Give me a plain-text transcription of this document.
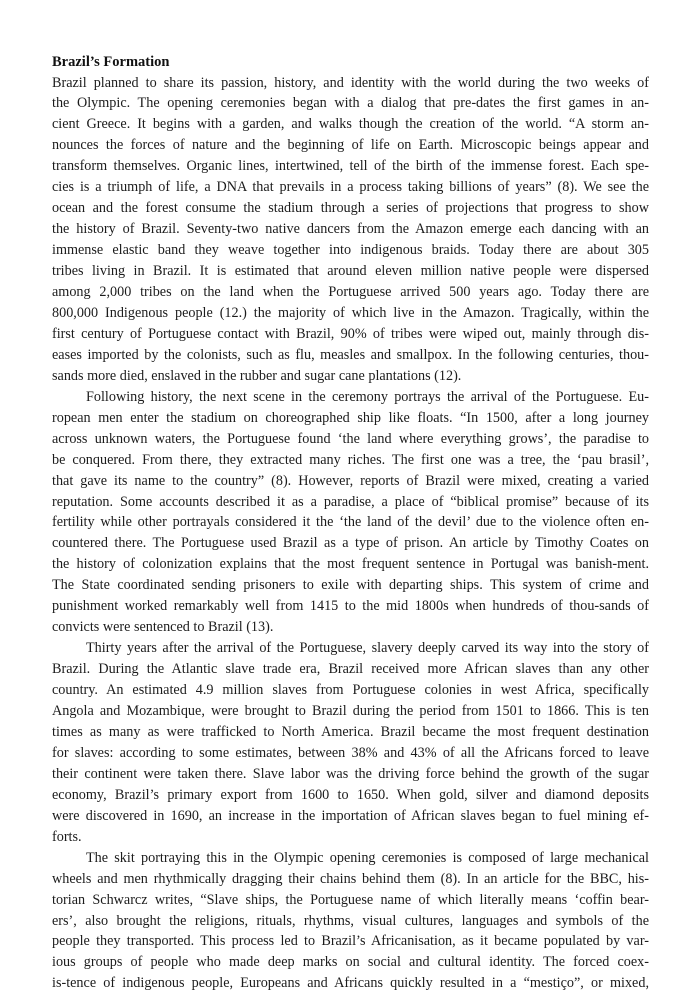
Brazil’s Formation
Brazil planned to share its passion, history, and identity with the world during the two weeks of
the Olympic. The opening ceremonies began with a dialog that pre-dates the first games in an-
cient Greece. It begins with a garden, and walks though the creation of the world. “A storm an-
nounces the forces of nature and the beginning of life on Earth. Microscopic beings appear and
transform themselves. Organic lines, intertwined, tell of the birth of the immense forest. Each spe-
cies is a triumph of life, a DNA that prevails in a process taking billions of years” (8). We see the
ocean and the forest consume the stadium through a series of projections that progress to show
the history of Brazil. Seventy-two native dancers from the Amazon emerge each dancing with an
immense elastic band they weave together into indigenous braids. Today there are about 305
tribes living in Brazil. It is estimated that around eleven million native people were dispersed
among 2,000 tribes on the land when the Portuguese arrived 500 years ago. Today there are
800,000 Indigenous people (12.) the majority of which live in the Amazon. Tragically, within the
first century of Portuguese contact with Brazil, 90% of tribes were wiped out, mainly through dis-
eases imported by the colonists, such as flu, measles and smallpox. In the following centuries, thou-
sands more died, enslaved in the rubber and sugar cane plantations (12).
Following history, the next scene in the ceremony portrays the arrival of the Portuguese. Eu-
ropean men enter the stadium on choreographed ship like floats. “In 1500, after a long journey
across unknown waters, the Portuguese found ‘the land where everything grows’, the paradise to
be conquered. From there, they extracted many riches. The first one was a tree, the ‘pau brasil’,
that gave its name to the country” (8). However, reports of Brazil were mixed, creating a varied
reputation. Some accounts described it as a paradise, a place of “biblical promise” because of its
fertility while other portrayals considered it the ‘the land of the devil’ due to the violence often en-
countered there. The Portuguese used Brazil as a type of prison. An article by Timothy Coates on
the history of colonization explains that the most frequent sentence in Portugal was banish-ment.
The State coordinated sending prisoners to exile with departing ships. This system of crime and
punishment worked remarkably well from 1415 to the mid 1800s when hundreds of thou-sands of
convicts were sentenced to Brazil (13).
Thirty years after the arrival of the Portuguese, slavery deeply carved its way into the story of
Brazil. During the Atlantic slave trade era, Brazil received more African slaves than any other
country. An estimated 4.9 million slaves from Portuguese colonies in west Africa, specifically
Angola and Mozambique, were brought to Brazil during the period from 1501 to 1866. This is ten
times as many as were trafficked to North America. Brazil became the most frequent destination
for slaves: according to some estimates, between 38% and 43% of all the Africans forced to leave
their continent were taken there. Slave labor was the driving force behind the growth of the sugar
economy, Brazil’s primary export from 1600 to 1650. When gold, silver and diamond deposits
were discovered in 1690, an increase in the importation of African slaves began to fuel mining ef-
forts.
The skit portraying this in the Olympic opening ceremonies is composed of large mechanical
wheels and men rhythmically dragging their chains behind them (8). In an article for the BBC, his-
torian Schwarcz writes, “Slave ships, the Portuguese name of which literally means ‘coffin bear-
ers’, also brought the religions, rituals, rhythms, visual cultures, languages and symbols of the
people they transported. This process led to Brazil’s Africanisation, as it became populated by var-
ious groups of people who made deep marks on social and cultural identity. The forced coex-
is-tence of indigenous people, Europeans and Africans quickly resulted in a “mestiço”, or mixed,
